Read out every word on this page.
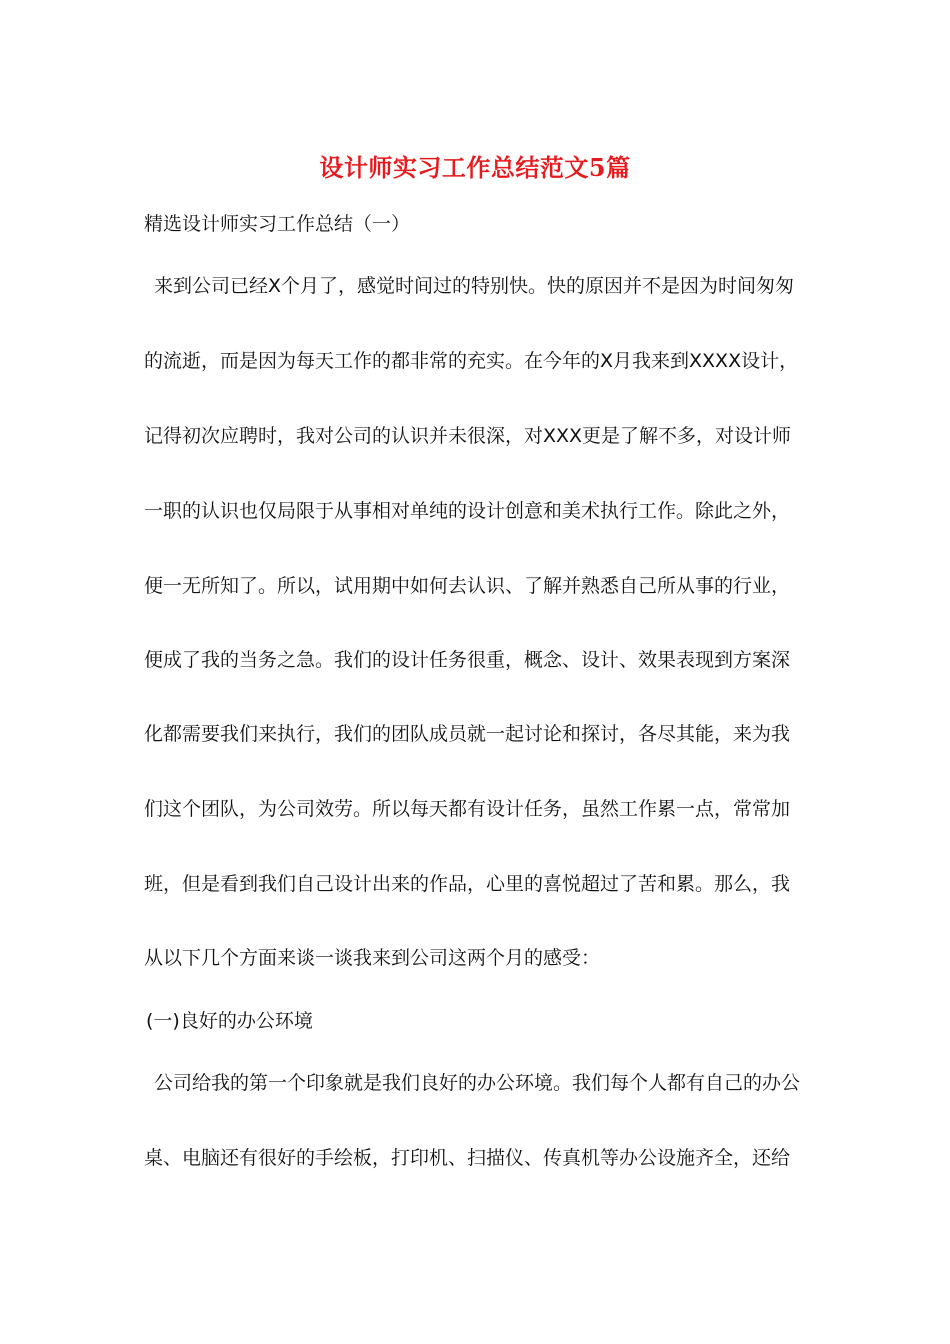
设计师实习工作总结范文5篇
精选设计师实习工作总结（一）
来到公司已经X个月了，感觉时间过的特别快。快的原因并不是因为时间匆匆
的流逝，而是因为每天工作的都非常的充实。在今年的X月我来到XXXX设计，
记得初次应聘时，我对公司的认识并未很深，对XXX更是了解不多，对设计师
一职的认识也仅局限于从事相对单纯的设计创意和美术执行工作。除此之外，
便一无所知了。所以，试用期中如何去认识、了解并熟悉自己所从事的行业，
便成了我的当务之急。我们的设计任务很重，概念、设计、效果表现到方案深
化都需要我们来执行，我们的团队成员就一起讨论和探讨，各尽其能，来为我
们这个团队，为公司效劳。所以每天都有设计任务，虽然工作累一点，常常加
班，但是看到我们自己设计出来的作品，心里的喜悦超过了苦和累。那么，我
从以下几个方面来谈一谈我来到公司这两个月的感受：
(一)良好的办公环境
公司给我的第一个印象就是我们良好的办公环境。我们每个人都有自己的办公
桌、电脑还有很好的手绘板，打印机、扫描仪、传真机等办公设施齐全，还给
